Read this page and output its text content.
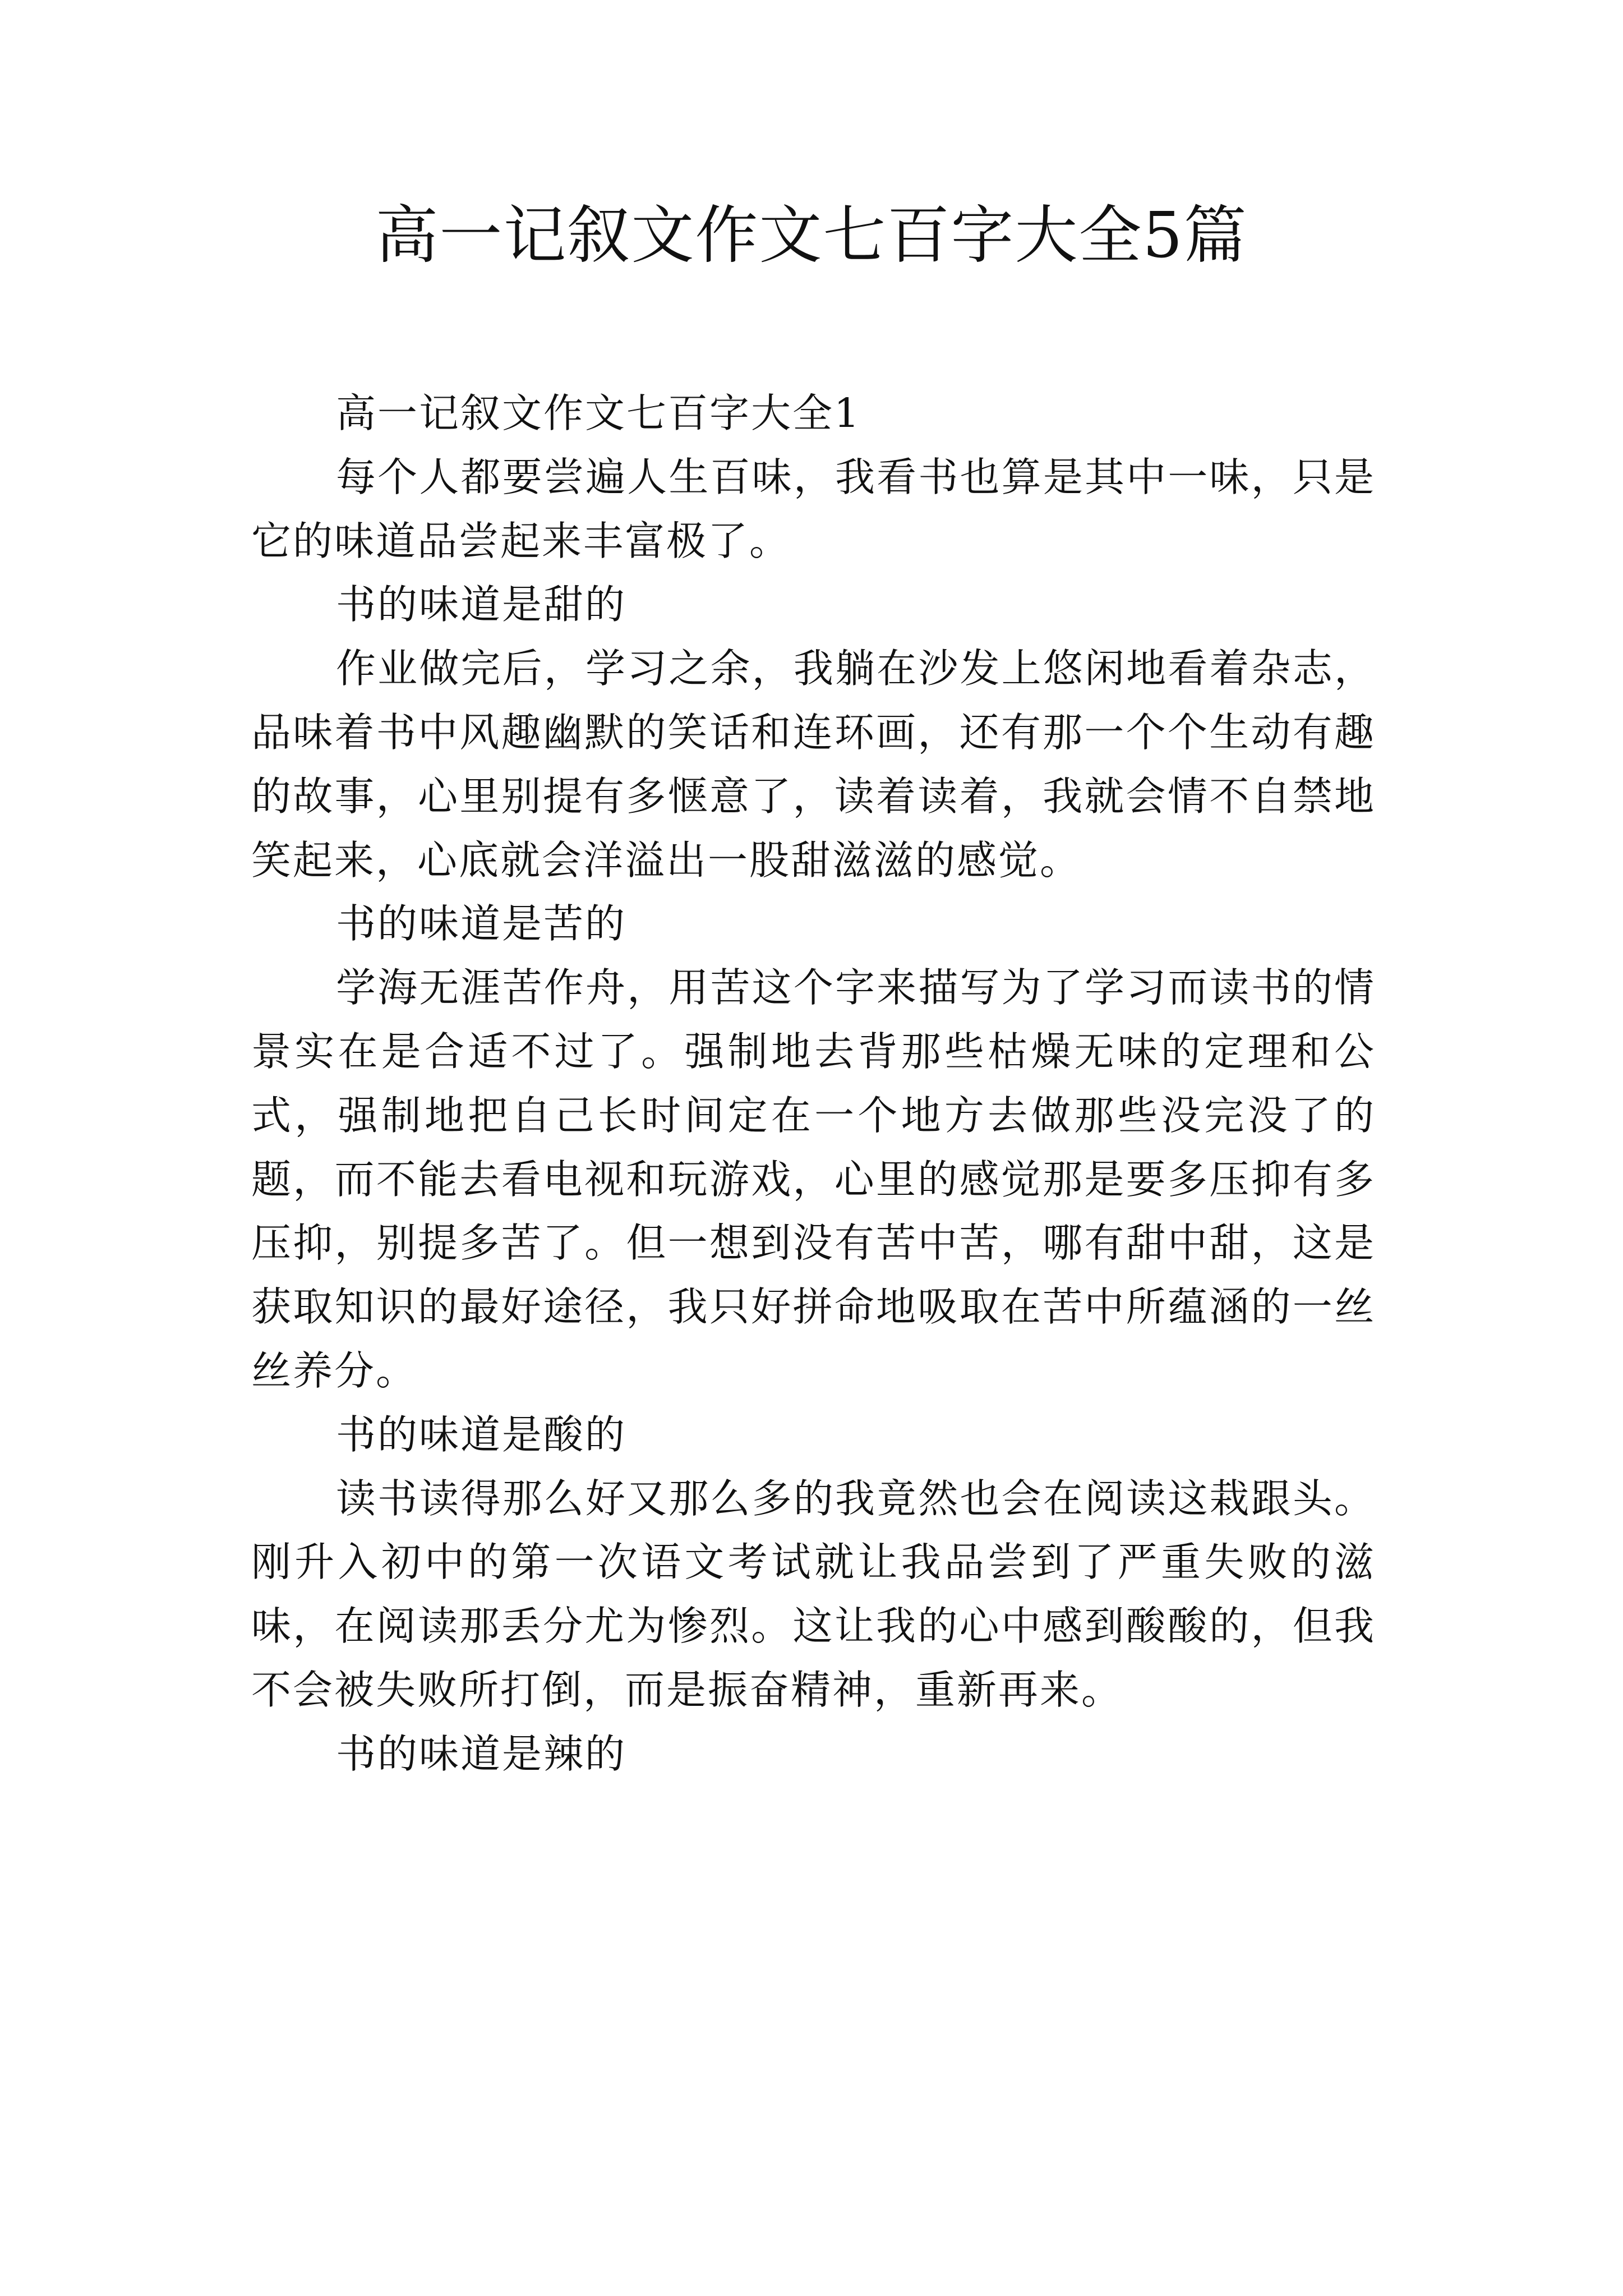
高一记叙文作文七百字大全5篇

高一记叙文作文七百字大全1

每个人都要尝遍人生百味，我看书也算是其中一味，只是它的味道品尝起来丰富极了。

书的味道是甜的

作业做完后，学习之余，我躺在沙发上悠闲地看着杂志，品味着书中风趣幽默的笑话和连环画，还有那一个个生动有趣的故事，心里别提有多惬意了，读着读着，我就会情不自禁地笑起来，心底就会洋溢出一股甜滋滋的感觉。

书的味道是苦的

学海无涯苦作舟，用苦这个字来描写为了学习而读书的情景实在是合适不过了。强制地去背那些枯燥无味的定理和公式，强制地把自己长时间定在一个地方去做那些没完没了的题，而不能去看电视和玩游戏，心里的感觉那是要多压抑有多压抑，别提多苦了。但一想到没有苦中苦，哪有甜中甜，这是获取知识的最好途径，我只好拼命地吸取在苦中所蕴涵的一丝丝养分。

书的味道是酸的

读书读得那么好又那么多的我竟然也会在阅读这栽跟头。刚升入初中的第一次语文考试就让我品尝到了严重失败的滋味，在阅读那丢分尤为惨烈。这让我的心中感到酸酸的，但我不会被失败所打倒，而是振奋精神，重新再来。

书的味道是辣的
